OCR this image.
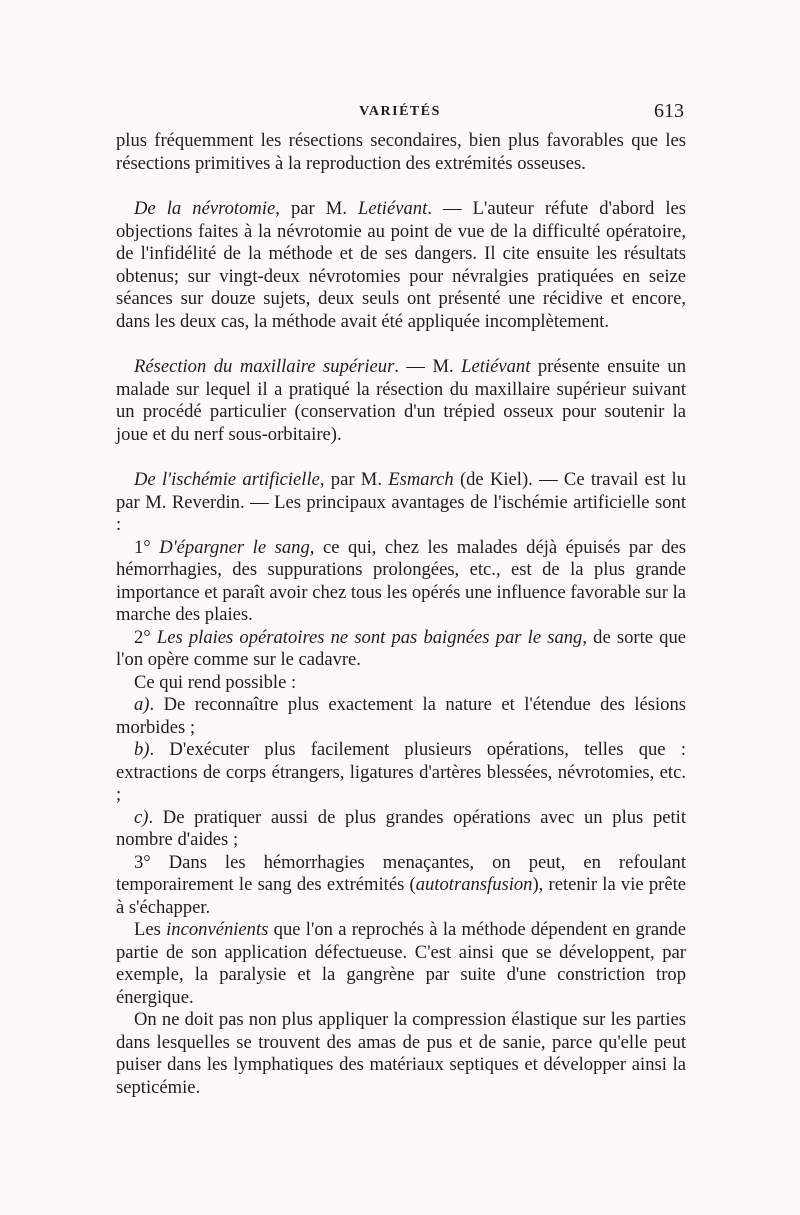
VARIÉTÉS	613

plus fréquemment les résections secondaires, bien plus favorables que les résections primitives à la reproduction des extrémités osseuses.

De la névrotomie, par M. Letiévant. — L'auteur réfute d'abord les objections faites à la névrotomie au point de vue de la difficulté opératoire, de l'infidélité de la méthode et de ses dangers. Il cite ensuite les résultats obtenus; sur vingt-deux névrotomies pour névralgies pratiquées en seize séances sur douze sujets, deux seuls ont présenté une récidive et encore, dans les deux cas, la méthode avait été appliquée incomplètement.

Résection du maxillaire supérieur. — M. Letiévant présente ensuite un malade sur lequel il a pratiqué la résection du maxillaire supérieur suivant un procédé particulier (conservation d'un trépied osseux pour soutenir la joue et du nerf sous-orbitaire).

De l'ischémie artificielle, par M. Esmarch (de Kiel). — Ce travail est lu par M. Reverdin. — Les principaux avantages de l'ischémie artificielle sont :

1° D'épargner le sang, ce qui, chez les malades déjà épuisés par des hémorrhagies, des suppurations prolongées, etc., est de la plus grande importance et paraît avoir chez tous les opérés une influence favorable sur la marche des plaies.

2° Les plaies opératoires ne sont pas baignées par le sang, de sorte que l'on opère comme sur le cadavre.

Ce qui rend possible :

a). De reconnaître plus exactement la nature et l'étendue des lésions morbides ;

b). D'exécuter plus facilement plusieurs opérations, telles que : extractions de corps étrangers, ligatures d'artères blessées, névrotomies, etc. ;

c). De pratiquer aussi de plus grandes opérations avec un plus petit nombre d'aides ;

3° Dans les hémorrhagies menaçantes, on peut, en refoulant temporairement le sang des extrémités (autotransfusion), retenir la vie prête à s'échapper.

Les inconvénients que l'on a reprochés à la méthode dépendent en grande partie de son application défectueuse. C'est ainsi que se développent, par exemple, la paralysie et la gangrène par suite d'une constriction trop énergique.

On ne doit pas non plus appliquer la compression élastique sur les parties dans lesquelles se trouvent des amas de pus et de sanie, parce qu'elle peut puiser dans les lymphatiques des matériaux septiques et développer ainsi la septicémie.
